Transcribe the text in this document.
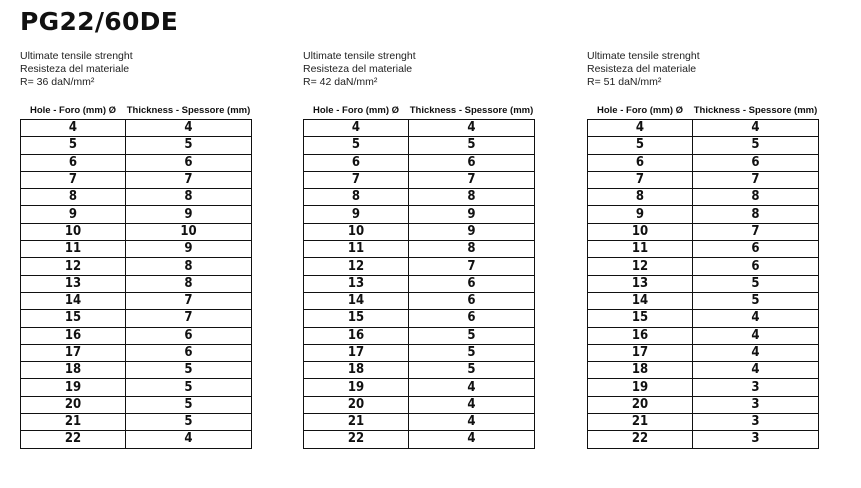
PG22/60DE
Ultimate tensile strenght
Resisteza del materiale
R= 36 daN/mm²
Hole - Foro (mm) Ø	Thickness - Spessore (mm)
4	4
5	5
6	6
7	7
8	8
9	9
10	10
11	9
12	8
13	8
14	7
15	7
16	6
17	6
18	5
19	5
20	5
21	5
22	4
Ultimate tensile strenght
Resisteza del materiale
R= 42 daN/mm²
Hole - Foro (mm) Ø	Thickness - Spessore (mm)
4	4
5	5
6	6
7	7
8	8
9	9
10	9
11	8
12	7
13	6
14	6
15	6
16	5
17	5
18	5
19	4
20	4
21	4
22	4
Ultimate tensile strenght
Resisteza del materiale
R= 51 daN/mm²
Hole - Foro (mm) Ø	Thickness - Spessore (mm)
4	4
5	5
6	6
7	7
8	8
9	8
10	7
11	6
12	6
13	5
14	5
15	4
16	4
17	4
18	4
19	3
20	3
21	3
22	3
